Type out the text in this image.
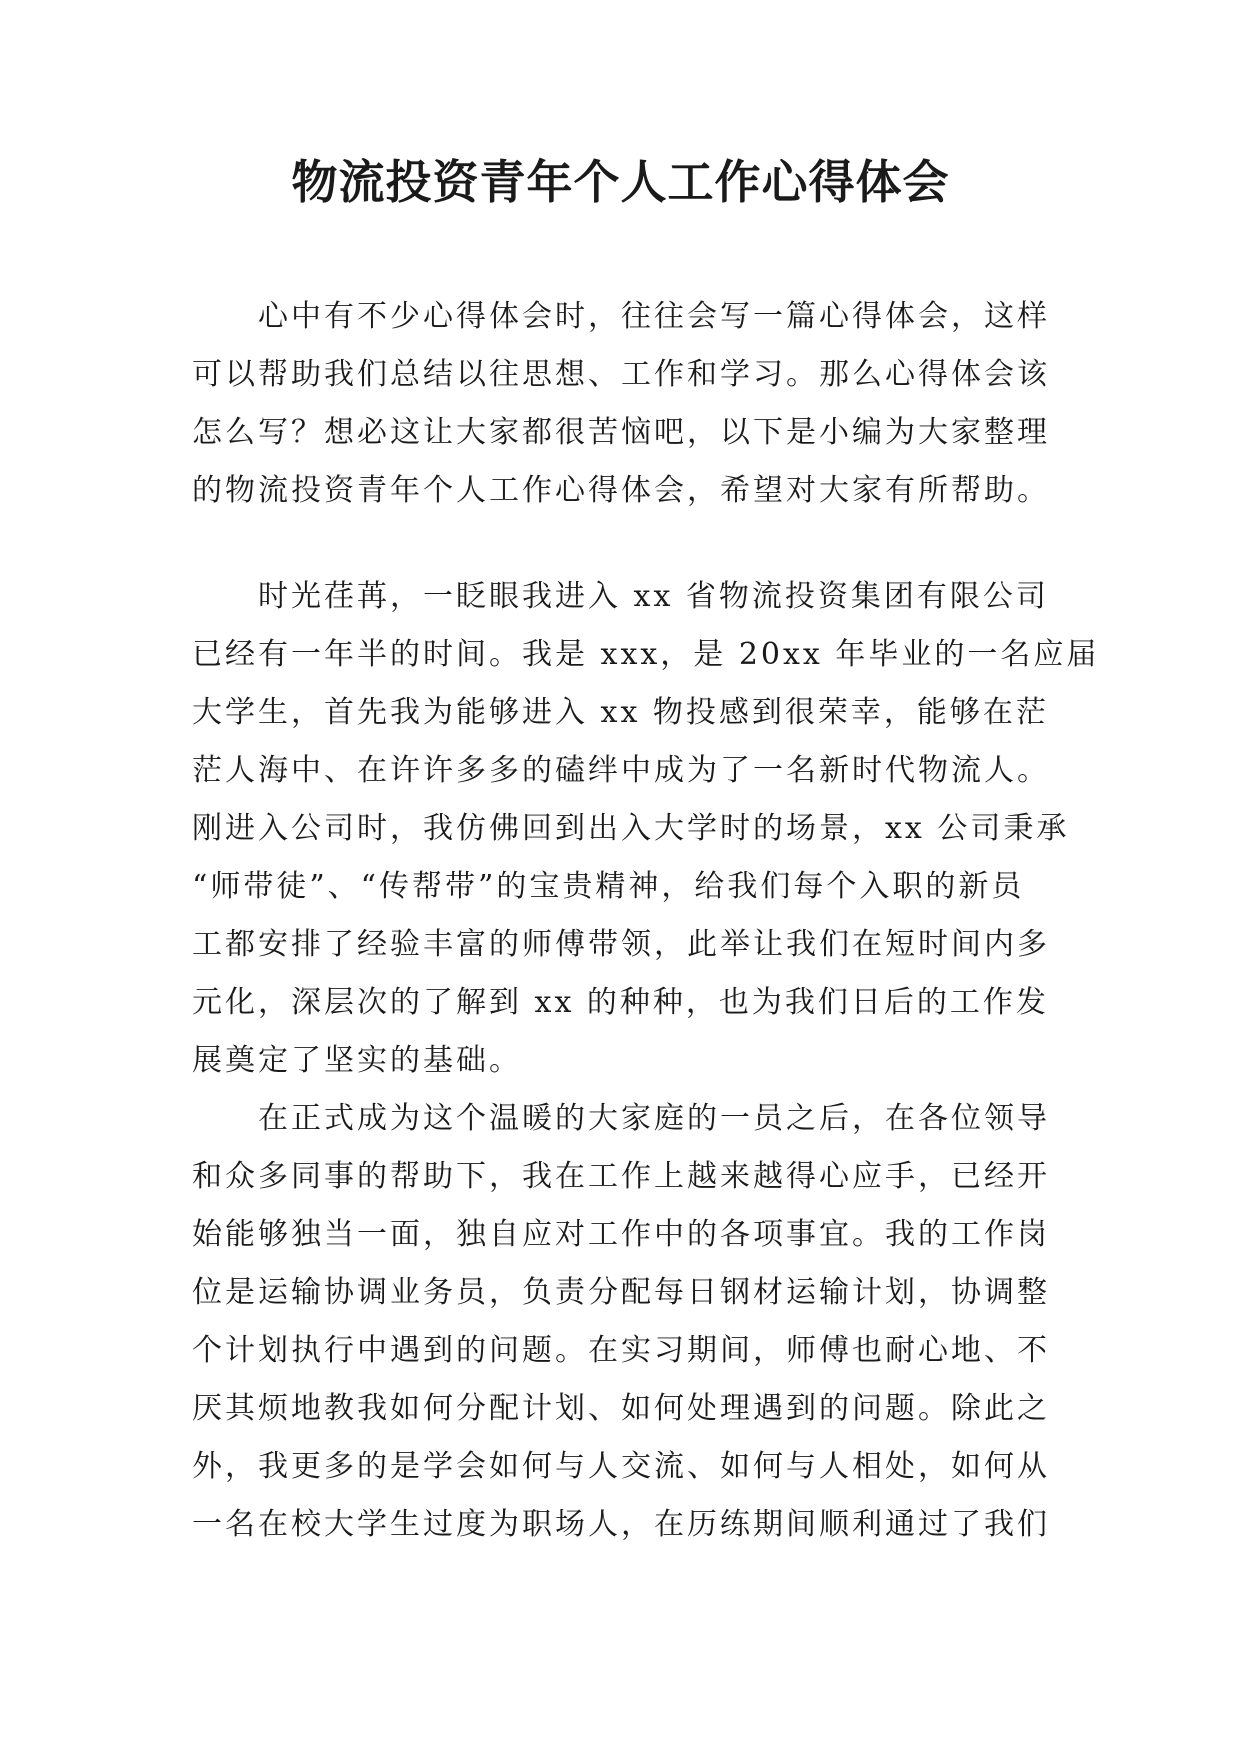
物流投资青年个人工作心得体会
　　心中有不少心得体会时，往往会写一篇心得体会，这样
可以帮助我们总结以往思想、工作和学习。那么心得体会该
怎么写？想必这让大家都很苦恼吧，以下是小编为大家整理
的物流投资青年个人工作心得体会，希望对大家有所帮助。
　　时光荏苒，一眨眼我进入 xx 省物流投资集团有限公司
已经有一年半的时间。我是 xxx，是 20xx 年毕业的一名应届
大学生，首先我为能够进入 xx 物投感到很荣幸，能够在茫
茫人海中、在许许多多的磕绊中成为了一名新时代物流人。
刚进入公司时，我仿佛回到出入大学时的场景，xx 公司秉承
“师带徒”、“传帮带”的宝贵精神，给我们每个入职的新员
工都安排了经验丰富的师傅带领，此举让我们在短时间内多
元化，深层次的了解到 xx 的种种，也为我们日后的工作发
展奠定了坚实的基础。
　　在正式成为这个温暖的大家庭的一员之后，在各位领导
和众多同事的帮助下，我在工作上越来越得心应手，已经开
始能够独当一面，独自应对工作中的各项事宜。我的工作岗
位是运输协调业务员，负责分配每日钢材运输计划，协调整
个计划执行中遇到的问题。在实习期间，师傅也耐心地、不
厌其烦地教我如何分配计划、如何处理遇到的问题。除此之
外，我更多的是学会如何与人交流、如何与人相处，如何从
一名在校大学生过度为职场人，在历练期间顺利通过了我们
